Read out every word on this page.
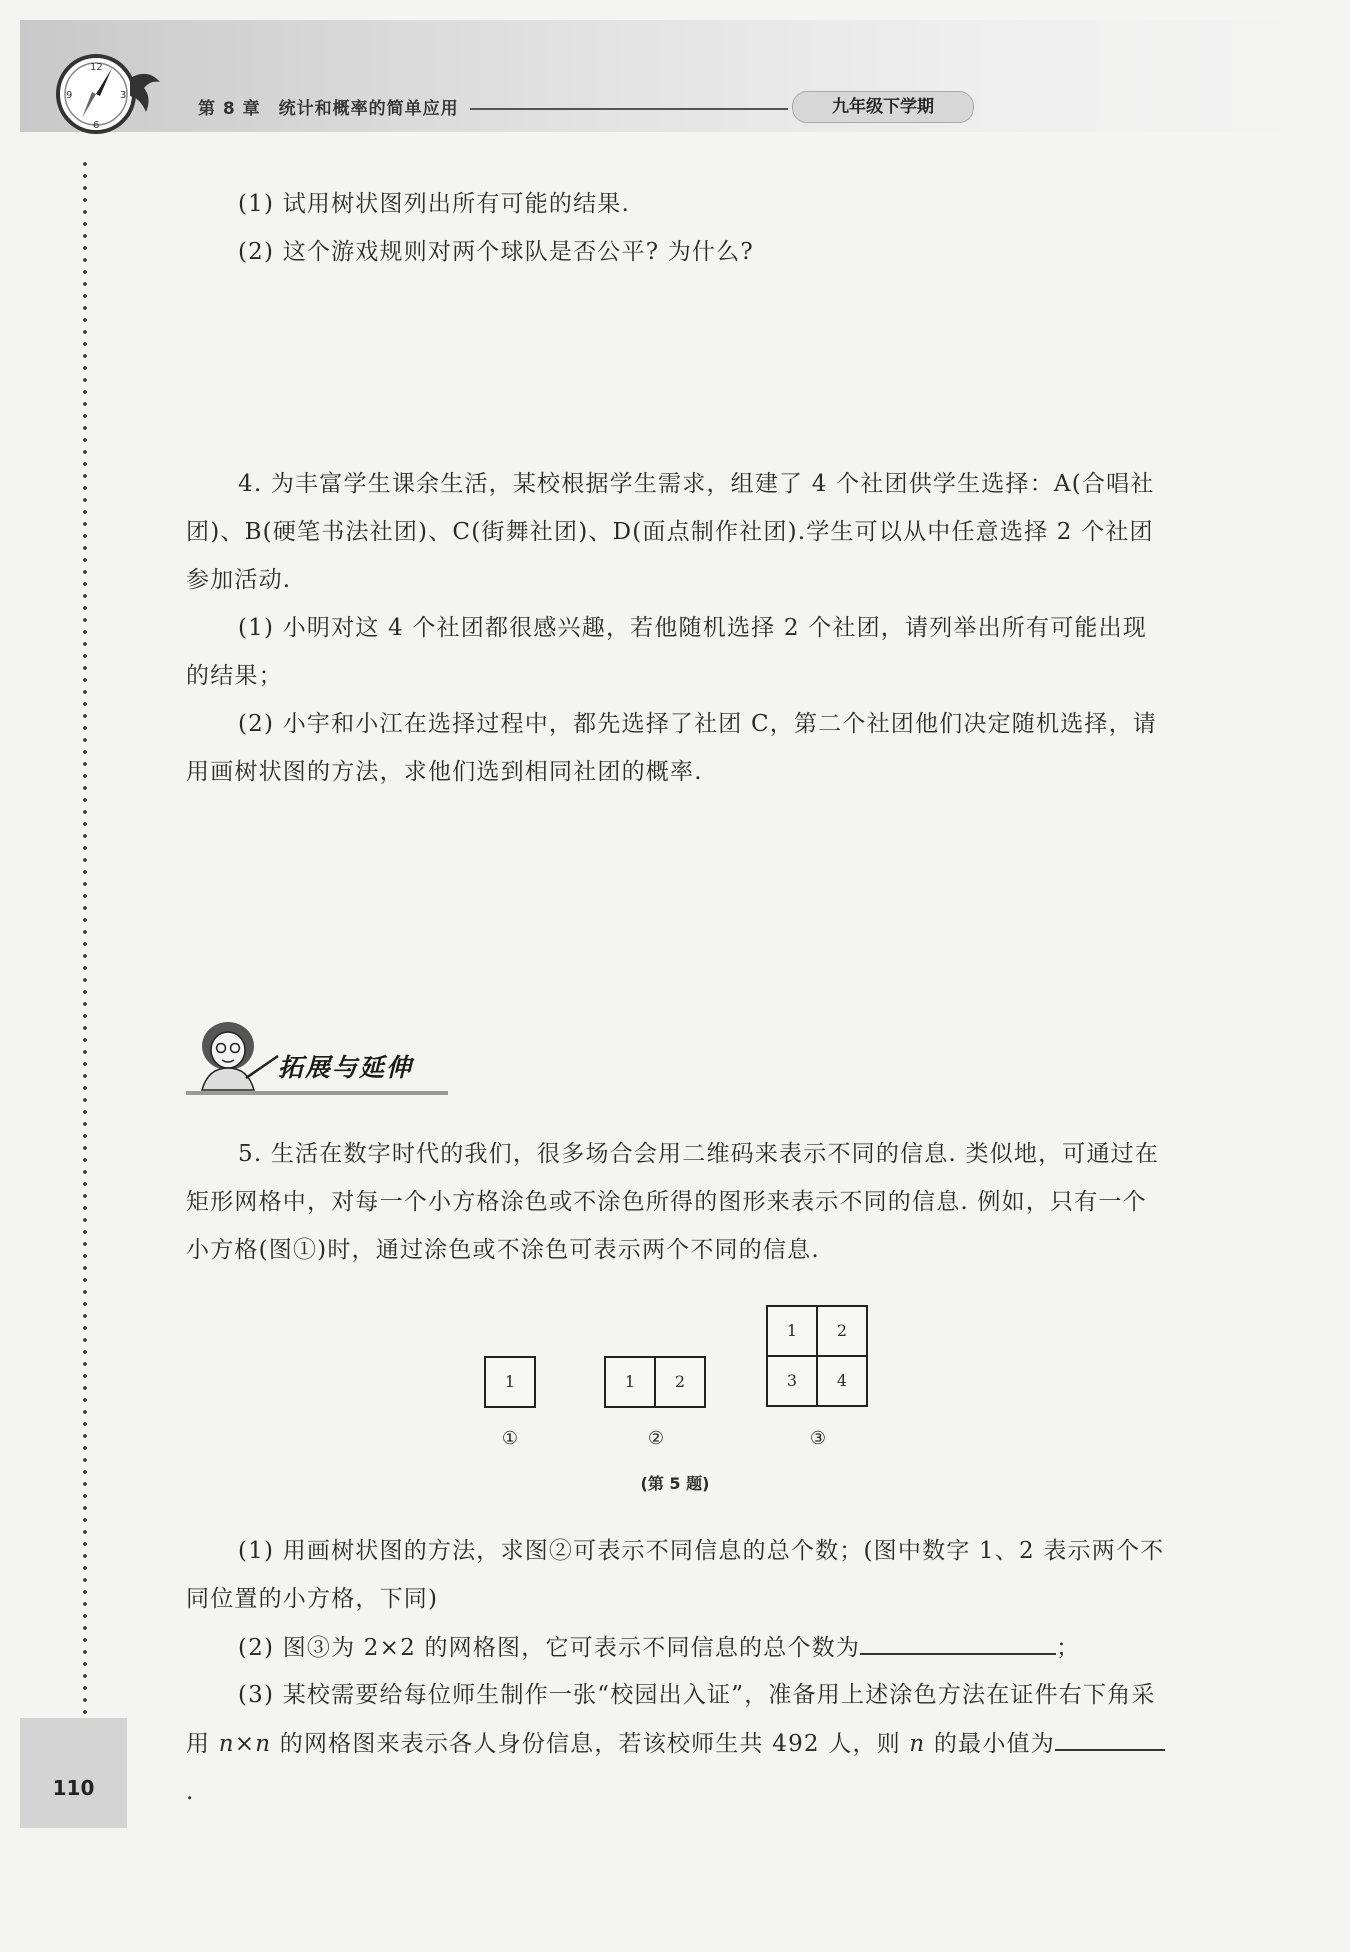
12
3
6
9
第 8 章　统计和概率的简单应用	九年级下学期
110

(1) 试用树状图列出所有可能的结果.

(2) 这个游戏规则对两个球队是否公平? 为什么?

4. 为丰富学生课余生活，某校根据学生需求，组建了 4 个社团供学生选择：A(合唱社团)、B(硬笔书法社团)、C(街舞社团)、D(面点制作社团).学生可以从中任意选择 2 个社团参加活动.

(1) 小明对这 4 个社团都很感兴趣，若他随机选择 2 个社团，请列举出所有可能出现的结果；

(2) 小宇和小江在选择过程中，都先选择了社团 C，第二个社团他们决定随机选择，请用画树状图的方法，求他们选到相同社团的概率.

拓展与延伸

5. 生活在数字时代的我们，很多场合会用二维码来表示不同的信息. 类似地，可通过在矩形网格中，对每一个小方格涂色或不涂色所得的图形来表示不同的信息. 例如，只有一个小方格(图①)时，通过涂色或不涂色可表示两个不同的信息.

1
①
1	2
②
1	2
3	4
③
(第 5 题)

(1) 用画树状图的方法，求图②可表示不同信息的总个数；(图中数字 1、2 表示两个不同位置的小方格，下同)

(2) 图③为 2×2 的网格图，它可表示不同信息的总个数为	；

(3) 某校需要给每位师生制作一张“校园出入证”，准备用上述涂色方法在证件右下角采用 n×n 的网格图来表示各人身份信息，若该校师生共 492 人，则 n 的最小值为.
